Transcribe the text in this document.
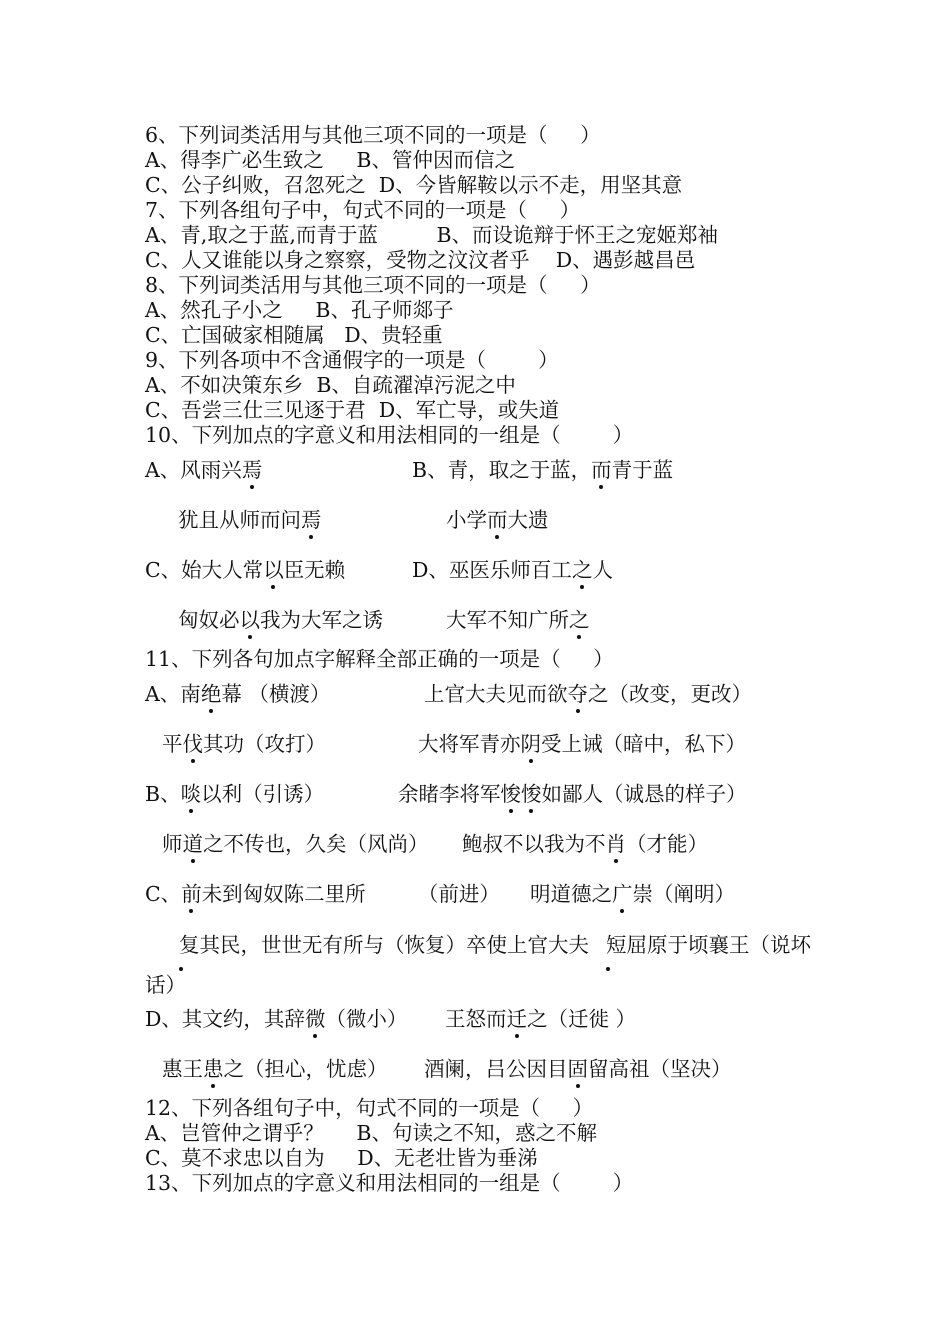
6、下列词类活用与其他三项不同的一项是（     ）
A、得李广必生致之     B、管仲因而信之
C、公子纠败，召忽死之  D、今皆解鞍以示不走，用坚其意
7、下列各组句子中，句式不同的一项是（     ）
A、青,取之于蓝,而青于蓝         B、而设诡辩于怀王之宠姬郑袖
C、人又谁能以身之察察，受物之汶汶者乎    D、遇彭越昌邑
8、下列词类活用与其他三项不同的一项是（     ）
A、然孔子小之     B、孔子师郯子
C、亡国破家相随属   D、贵轻重
9、下列各项中不含通假字的一项是（        ）
A、不如决策东乡  B、自疏濯淖污泥之中
C、吾尝三仕三见逐于君  D、军亡导，或失道
10、下列加点的字意义和用法相同的一组是（        ）
A、风雨兴焉	B、青，取之于蓝，而青于蓝
犹且从师而问焉	小学而大遗
C、始大人常以臣无赖	D、巫医乐师百工之人
匈奴必以我为大军之诱	大军不知广所之
11、下列各句加点字解释全部正确的一项是（     ）
A、南绝幕 （横渡）	上官大夫见而欲夺之（改变，更改）
平伐其功（攻打）	大将军青亦阴受上诫（暗中，私下）
B、啖以利（引诱）	余睹李将军悛悛如鄙人（诚恳的样子）
师道之不传也，久矣（风尚） 鲍叔不以我为不肖（才能）
C、前未到匈奴陈二里所        （前进） 明道德之广崇（阐明）
复其民，世世无有所与（恢复）卒使上官大夫 短屈原于顷襄王（说坏话）
D、其文约，其辞微（微小） 王怒而迁之（迁徙 ）
惠王患之（担心，忧虑） 酒阑，吕公因目固留高祖（坚决）
12、下列各组句子中，句式不同的一项是（     ）
A、岂管仲之谓乎？     B、句读之不知，惑之不解
C、莫不求忠以自为     D、无老壮皆为垂涕
13、下列加点的字意义和用法相同的一组是（        ）
